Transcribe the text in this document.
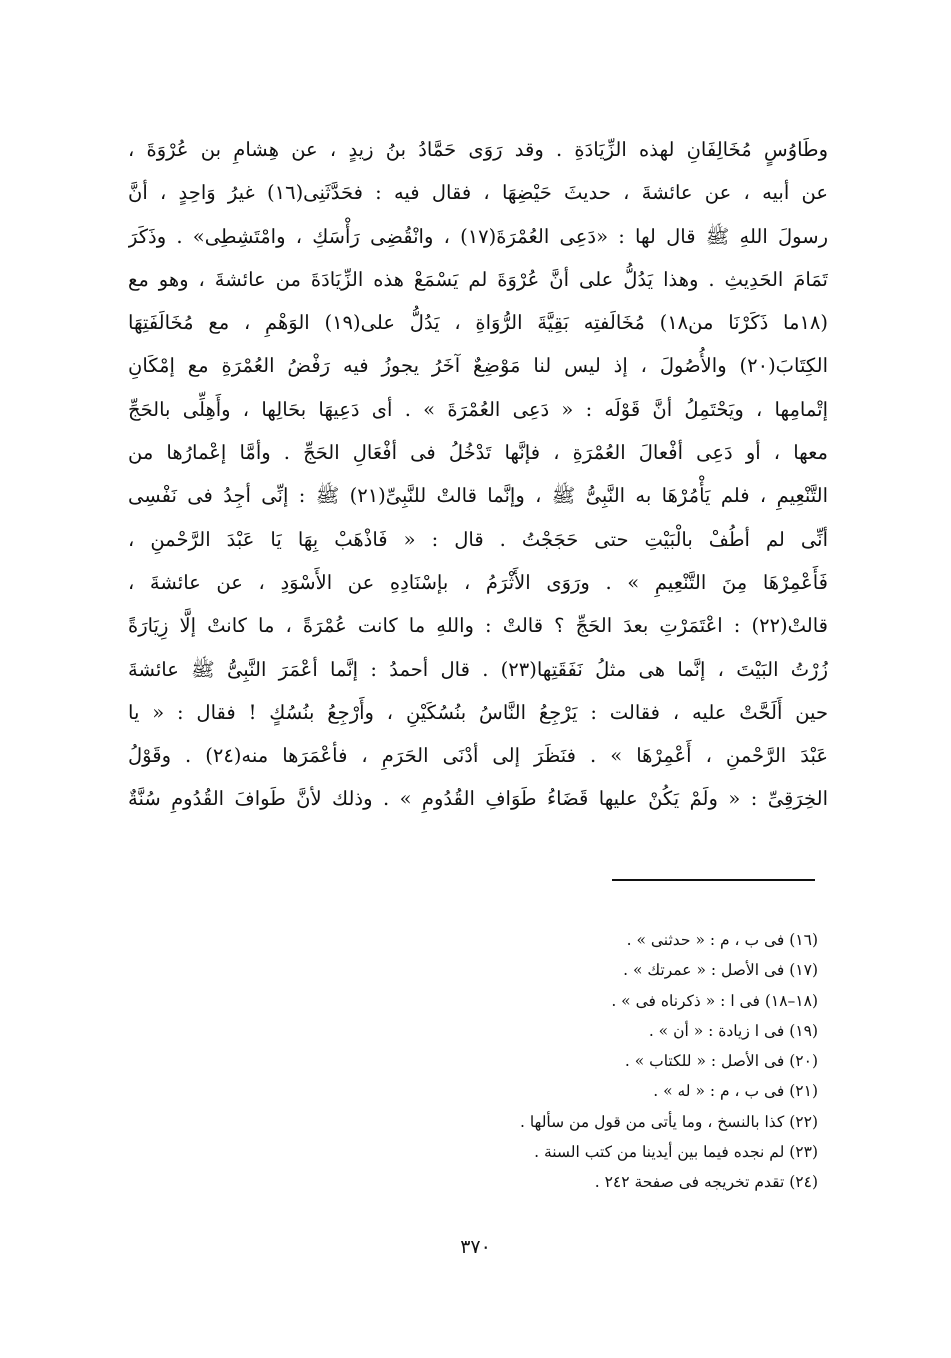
وطَاوُسٍ مُخَالِفَانِ لهذه الزِّيَادَةِ . وقد رَوَى حَمَّادُ بنُ زيدٍ ، عن هِشامِ بن عُرْوَةَ ،
عن أبيه ، عن عائشةَ ، حديثَ حَيْضِهَا ، فقال فيه : فحَدَّثَنِى(١٦) غيرُ وَاحِدٍ ، أنَّ
رسولَ اللهِ ﷺ قال لها : «دَعِى العُمْرَةَ(١٧) ، وانْقُضِى رَأْسَكِ ، وامْتَشِطِى» . وذَكَرَ
تَمَامَ الحَدِيثِ . وهذا يَدُلُّ على أنَّ عُرْوَةَ لم يَسْمَعْ هذه الزِّيَادَةَ من عائشةَ ، وهو مع
(١٨ما ذَكَرْنَا من١٨) مُخَالَفتِه بَقِيَّةَ الرُّوَاةِ ، يَدُلُّ على(١٩) الوَهْمِ ، مع مُخَالَفَتِهَا
الكِتَابَ(٢٠) والأُصُولَ ، إذ ليس لنا مَوْضِعٌ آخَرُ يجوزُ فيه رَفْضُ العُمْرَةِ مع إمْكَانِ
إتْمامِها ، ويَحْتَمِلُ أنَّ قَوْلَه : « دَعِى العُمْرَةَ » . أى دَعِيهَا بحَالِها ، وأَهِلِّى بالحَجِّ
معها ، أو دَعِى أفْعالَ العُمْرَةِ ، فإنَّها تَدْخُلُ فى أفْعَالِ الحَجِّ . وأمَّا إعْمارُها من
التَّنْعِيمِ ، فلم يَأْمُرْهَا به النَّبِىُّ ﷺ ، وإنَّما قالتْ للنَّبِىِّ(٢١) ﷺ : إنِّى أجِدُ فى نَفْسِى
أنِّى لم أطُفْ بالْبَيْتِ حتى حَجَجْتُ . قال : « فَاذْهَبْ بِهَا يَا عَبْدَ الرَّحْمنِ ،
فَأَعْمِرْهَا مِنَ التَّنْعِيمِ » . ورَوَى الأَثْرَمُ ، بإسْنَادِهِ عن الأَسْوَدِ ، عن عائشةَ ،
قالتْ(٢٢) : اعْتَمَرْتِ بعدَ الحَجِّ ؟ قالتْ : واللهِ ما كانت عُمْرَةً ، ما كانتْ إلَّا زِيَارَةً
زُرْتُ البَيْتَ ، إنَّما هى مثلُ نَفَقَتِها(٢٣) . قال أحمدُ : إنَّما أعْمَرَ النَّبِىُّ ﷺ عائشةَ
حين أَلَحَّتْ عليه ، فقالت : يَرْجِعُ النَّاسُ بنُسُكَيْنِ ، وأَرْجِعُ بنُسُكٍ ! فقال : « يا
عَبْدَ الرَّحْمنِ ، أَعْمِرْهَا » . فنَظَرَ إلى أدْنَى الحَرَمِ ، فأعْمَرَها منه(٢٤) . وقَوْلُ
الخِرَقِىِّ : « ولَمْ يَكُنْ عليها قَضَاءُ طَوَافِ القُدُومِ » . وذلك لأنَّ طَوافَ القُدُومِ سُنَّةٌ
(١٦) فى ب ، م : « حدثنى » .
(١٧) فى الأصل : « عمرتك » .
(١٨–١٨) فى ا : « ذكرناه فى » .
(١٩) فى ا زيادة : « أن » .
(٢٠) فى الأصل : « للكتاب » .
(٢١) فى ب ، م : « له » .
(٢٢) كذا بالنسخ ، وما يأتى من قول من سألها .
(٢٣) لم نجده فيما بين أيدينا من كتب السنة .
(٢٤) تقدم تخريجه فى صفحة ٢٤٢ .
٣٧٠
